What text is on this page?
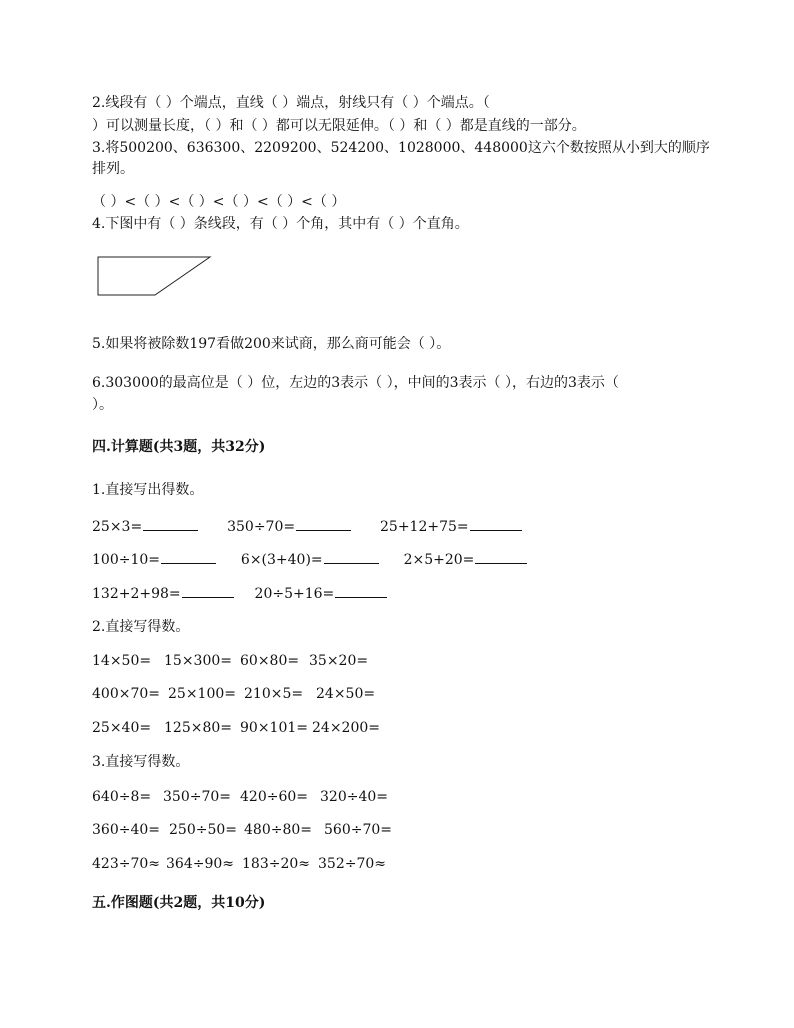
2.线段有（ ）个端点，直线（ ）端点，射线只有（ ）个端点。（
）可以测量长度，（ ）和（ ）都可以无限延伸。（ ）和（ ）都是直线的一部分。
3.将500200、636300、2209200、524200、1028000、448000这六个数按照从小到大的顺序
排列。
（ ）<（ ）<（ ）<（ ）<（ ）<（ ）
4.下图中有（ ）条线段，有（ ）个角，其中有（ ）个直角。
5.如果将被除数197看做200来试商，那么商可能会（ ）。
6.303000的最高位是（ ）位，左边的3表示（ ），中间的3表示（ ），右边的3表示（
）。
四.计算题(共3题，共32分)
1.直接写出得数。
25×3=	350÷70=	25+12+75=
100÷10=	6×(3+40)=	2×5+20=
132+2+98=	20÷5+16=
2.直接写得数。
14×50= 15×300= 60×80= 35×20=
400×70= 25×100= 210×5= 24×50=
25×40= 125×80= 90×101= 24×200=
3.直接写得数。
640÷8= 350÷70= 420÷60= 320÷40=
360÷40= 250÷50= 480÷80= 560÷70=
423÷70≈ 364÷90≈ 183÷20≈ 352÷70≈
五.作图题(共2题，共10分)
